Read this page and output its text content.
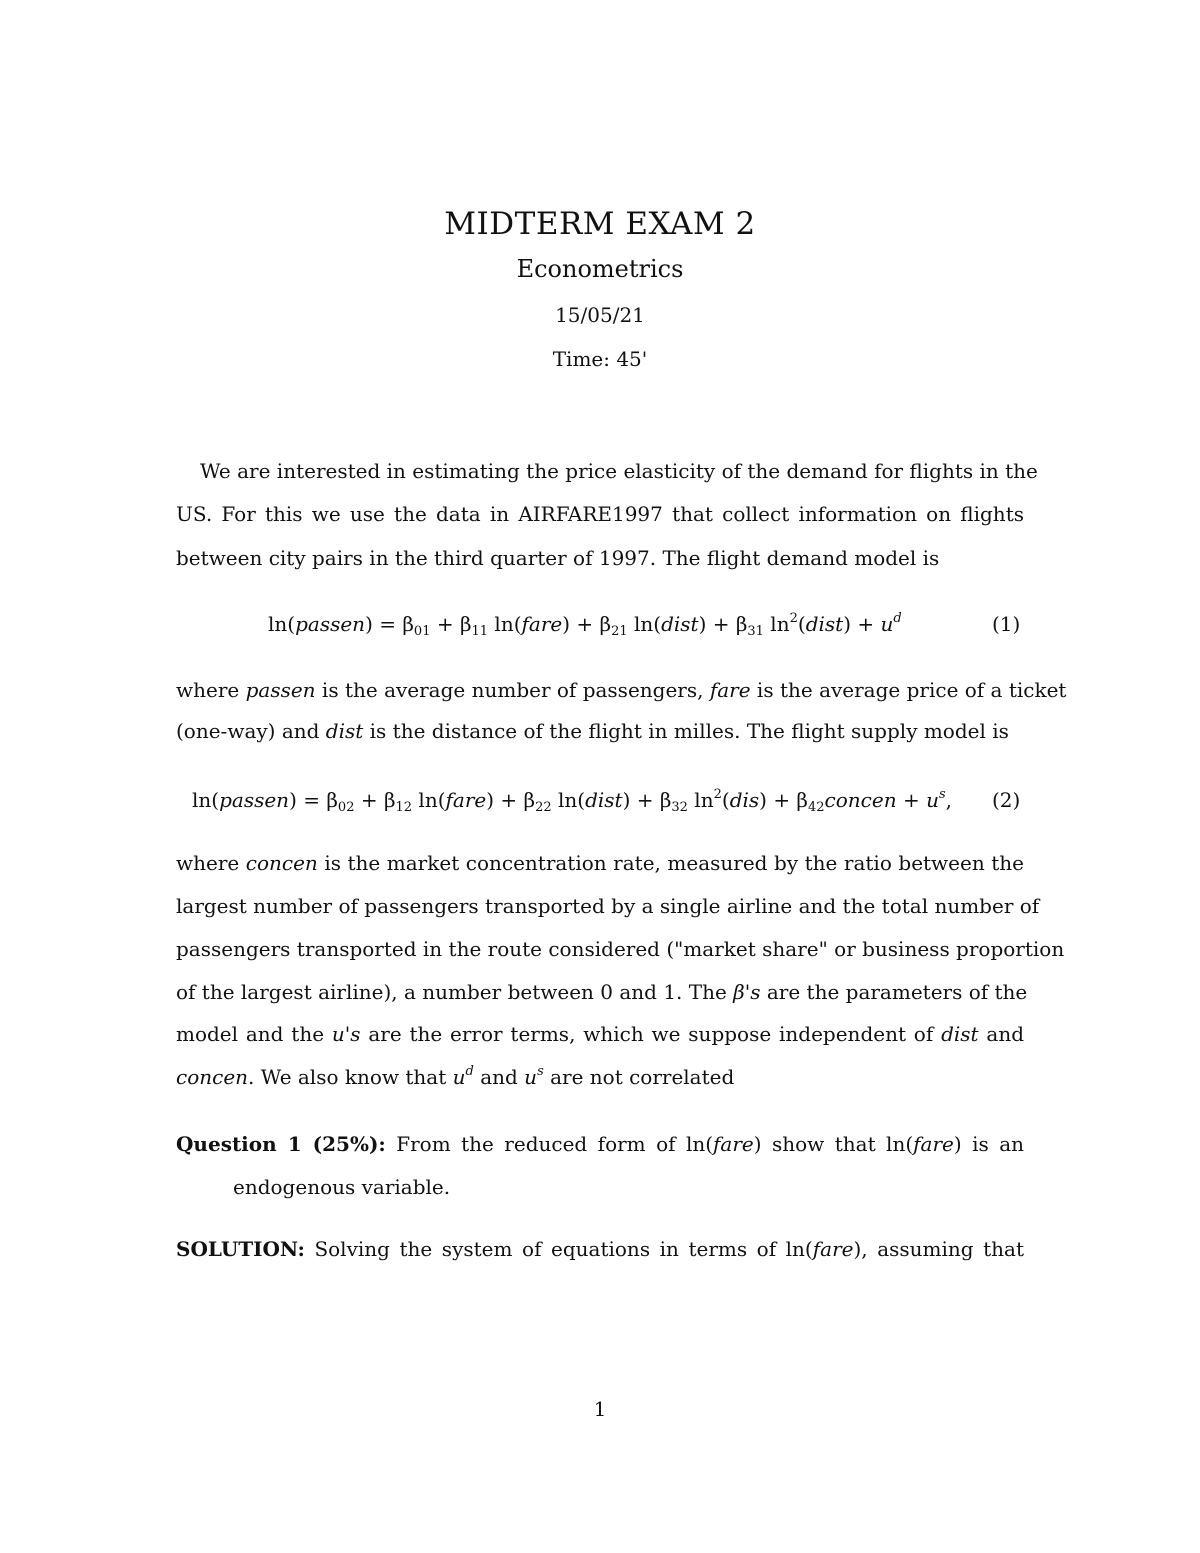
MIDTERM EXAM 2
Econometrics
15/05/21
Time: 45'
We are interested in estimating the price elasticity of the demand for flights in the
US. For this we use the data in AIRFARE1997 that collect information on flights
between city pairs in the third quarter of 1997. The flight demand model is
ln(passen) = $\beta_{01} + \beta_{11}$ ln(fare) + $\beta_{21}$ ln(dist) + $\beta_{31}$ $\ln^2(dist) + u^d$	(1)
where passen is the average number of passengers, fare is the average price of a ticket
(one-way) and dist is the distance of the flight in milles. The flight supply model is
ln(passen) = $\beta_{02} + \beta_{12}$ ln(fare) + $\beta_{22}$ ln(dist) + $\beta_{32}$ $\ln^2(dis)$ + $\beta_{42}concen + u^s$, (2)
where concen is the market concentration rate, measured by the ratio between the
largest number of passengers transported by a single airline and the total number of
passengers transported in the route considered ("market share" or business proportion
of the largest airline), a number between 0 and 1. The β's are the parameters of the
model and the u's are the error terms, which we suppose independent of dist and
concen. We also know that $u^d$ and $u^s$ are not correlated
Question 1 (25%): From the reduced form of ln(fare) show that ln(fare) is an
endogenous variable.
SOLUTION: Solving the system of equations in terms of ln(fare), assuming that
1
